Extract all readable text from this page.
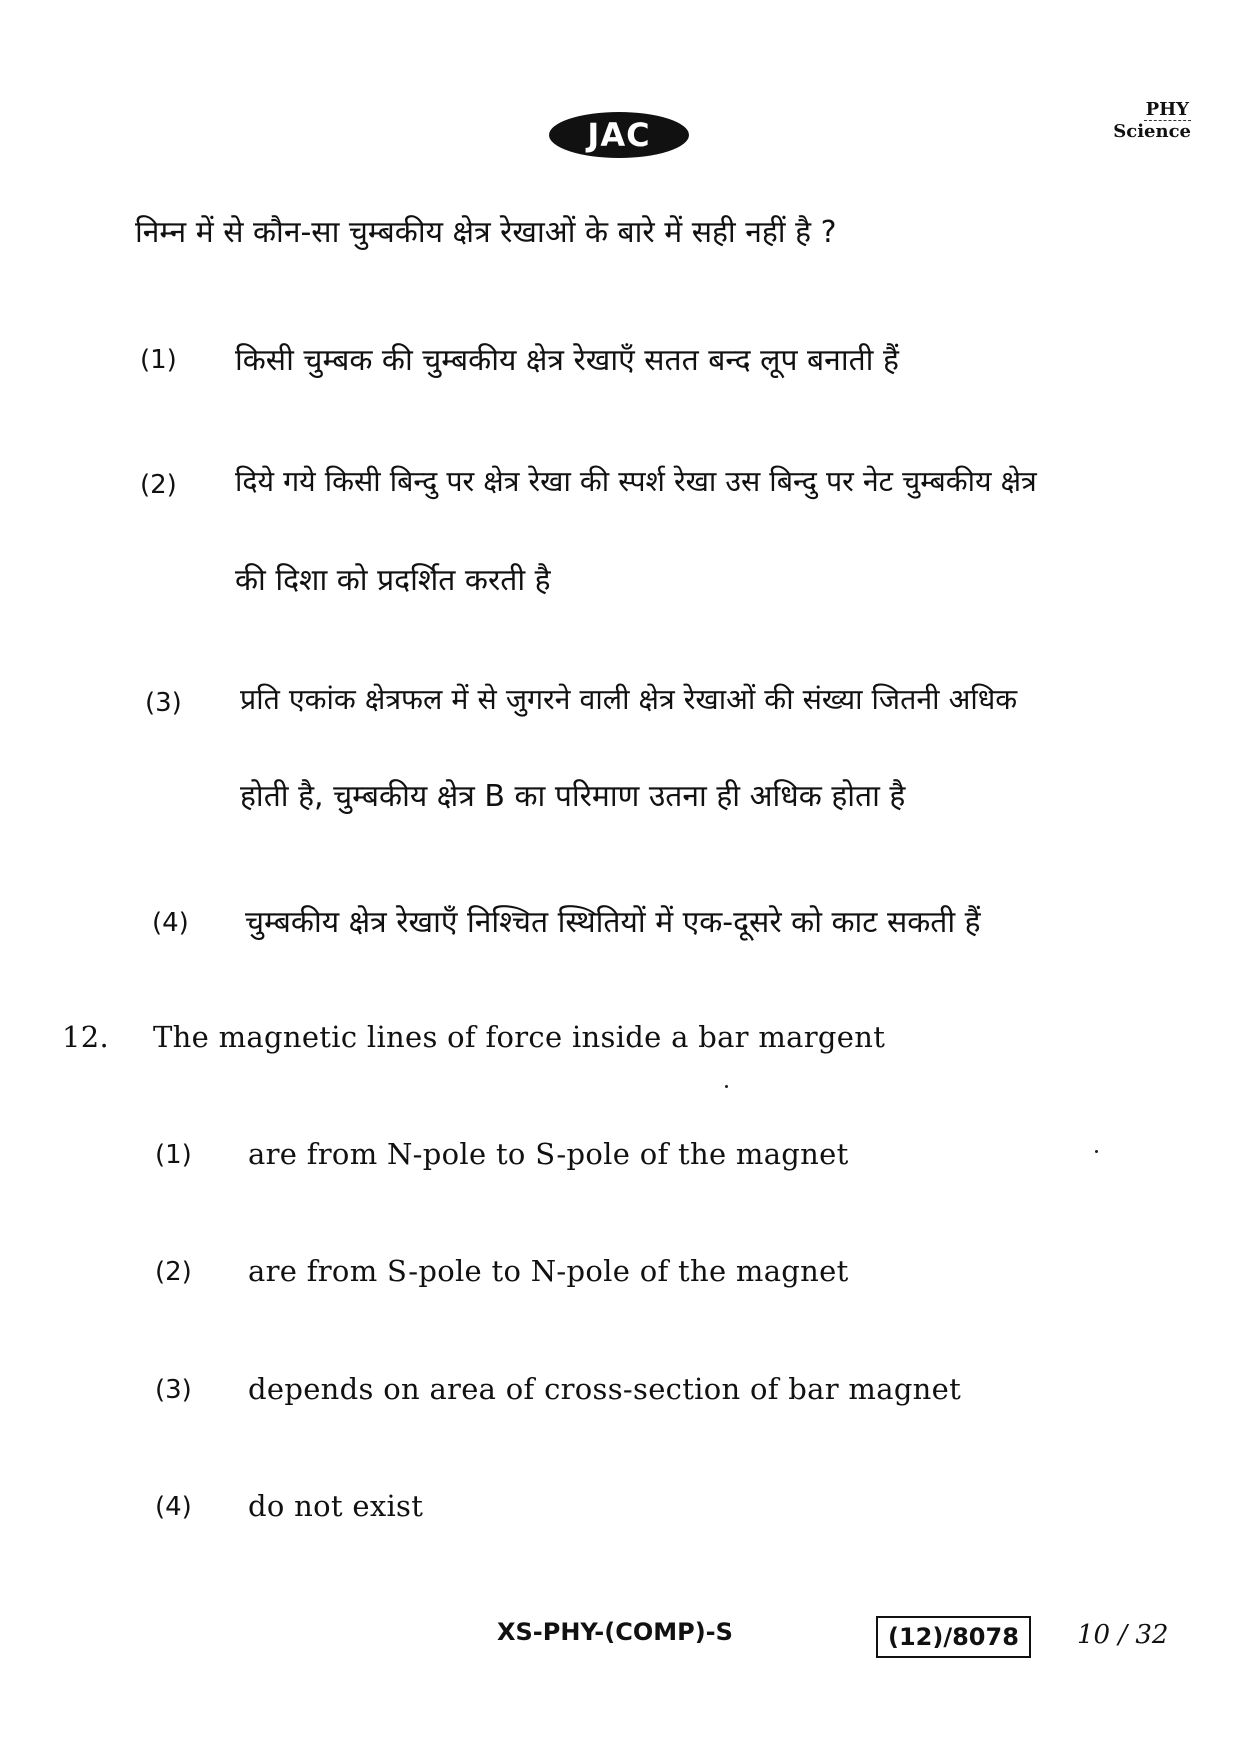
JAC
PHY
Science
निम्न में से कौन-सा चुम्बकीय क्षेत्र रेखाओं के बारे में सही नहीं है ?
(1) किसी चुम्बक की चुम्बकीय क्षेत्र रेखाएँ सतत बन्द लूप बनाती हैं
(2) दिये गये किसी बिन्दु पर क्षेत्र रेखा की स्पर्श रेखा उस बिन्दु पर नेट चुम्बकीय क्षेत्र
की दिशा को प्रदर्शित करती है
(3) प्रति एकांक क्षेत्रफल में से जुगरने वाली क्षेत्र रेखाओं की संख्या जितनी अधिक
होती है, चुम्बकीय क्षेत्र B का परिमाण उतना ही अधिक होता है
(4) चुम्बकीय क्षेत्र रेखाएँ निश्चित स्थितियों में एक-दूसरे को काट सकती हैं
12. The magnetic lines of force inside a bar margent
(1) are from N-pole to S-pole of the magnet
(2) are from S-pole to N-pole of the magnet
(3) depends on area of cross-section of bar magnet
(4) do not exist
XS-PHY-(COMP)-S	(12)/8078	10 / 32
